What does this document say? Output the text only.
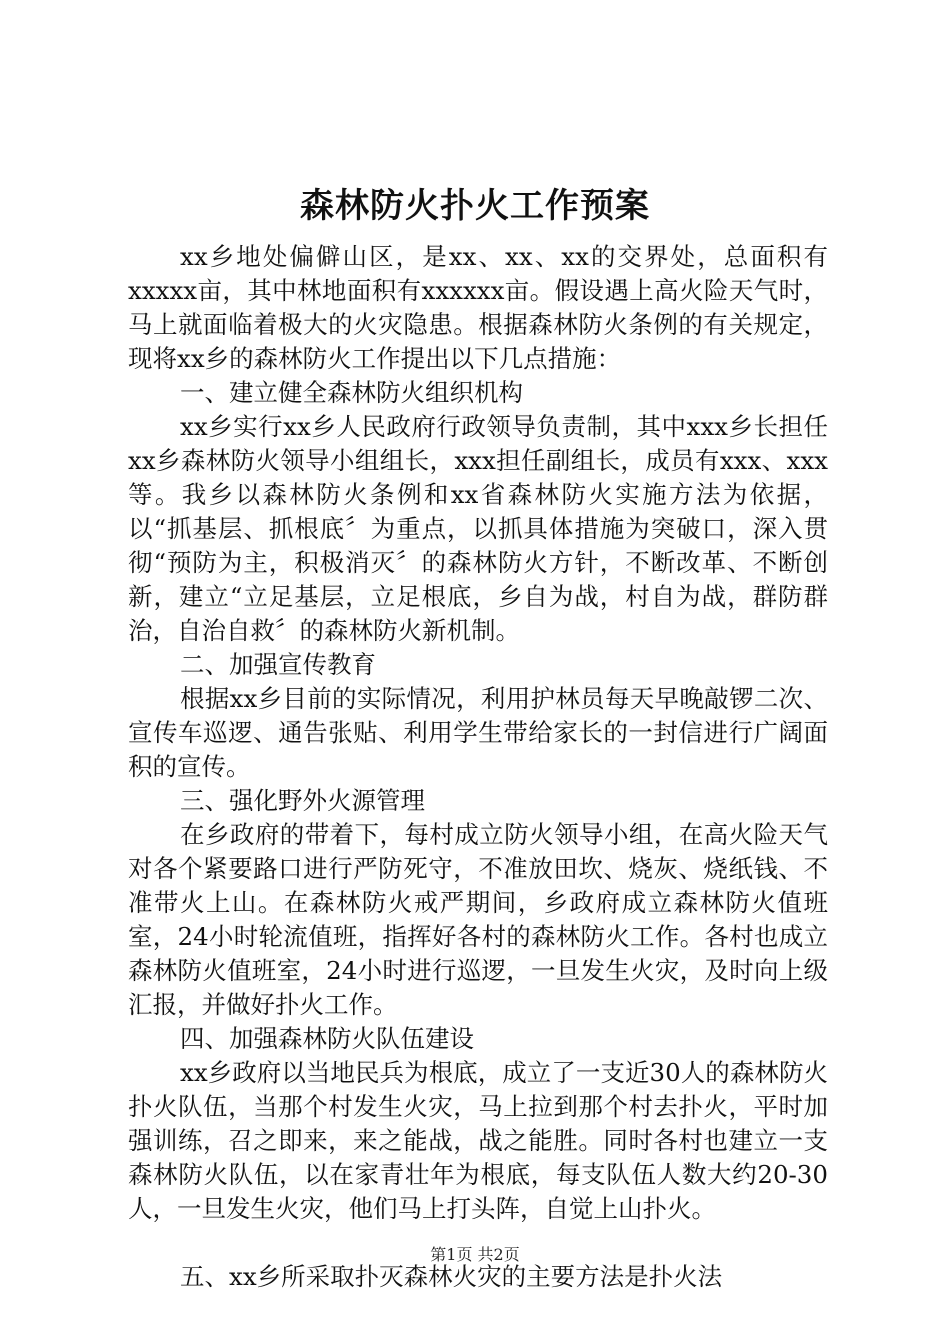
森林防火扑火工作预案

xx乡地处偏僻山区，是xx、xx、xx的交界处，总面积有xxxxx亩，其中林地面积有xxxxxx亩。假设遇上高火险天气时，马上就面临着极大的火灾隐患。根据森林防火条例的有关规定，现将xx乡的森林防火工作提出以下几点措施：

一、建立健全森林防火组织机构

xx乡实行xx乡人民政府行政领导负责制，其中xxx乡长担任xx乡森林防火领导小组组长，xxx担任副组长，成员有xxx、xxx等。我乡以森林防火条例和xx省森林防火实施方法为依据，以“抓基层、抓根底〞为重点，以抓具体措施为突破口，深入贯彻“预防为主，积极消灭〞的森林防火方针，不断改革、不断创新，建立“立足基层，立足根底，乡自为战，村自为战，群防群治，自治自救〞的森林防火新机制。

二、加强宣传教育

根据xx乡目前的实际情况，利用护林员每天早晚敲锣二次、宣传车巡逻、通告张贴、利用学生带给家长的一封信进行广阔面积的宣传。

三、强化野外火源管理

在乡政府的带着下，每村成立防火领导小组，在高火险天气对各个紧要路口进行严防死守，不准放田坎、烧灰、烧纸钱、不准带火上山。在森林防火戒严期间，乡政府成立森林防火值班室，24小时轮流值班，指挥好各村的森林防火工作。各村也成立森林防火值班室，24小时进行巡逻，一旦发生火灾，及时向上级汇报，并做好扑火工作。

四、加强森林防火队伍建设

xx乡政府以当地民兵为根底，成立了一支近30人的森林防火扑火队伍，当那个村发生火灾，马上拉到那个村去扑火，平时加强训练，召之即来，来之能战，战之能胜。同时各村也建立一支森林防火队伍，以在家青壮年为根底，每支队伍人数大约20-30人，一旦发生火灾，他们马上打头阵，自觉上山扑火。

五、xx乡所采取扑灭森林火灾的主要方法是扑火法

第1页 共2页
